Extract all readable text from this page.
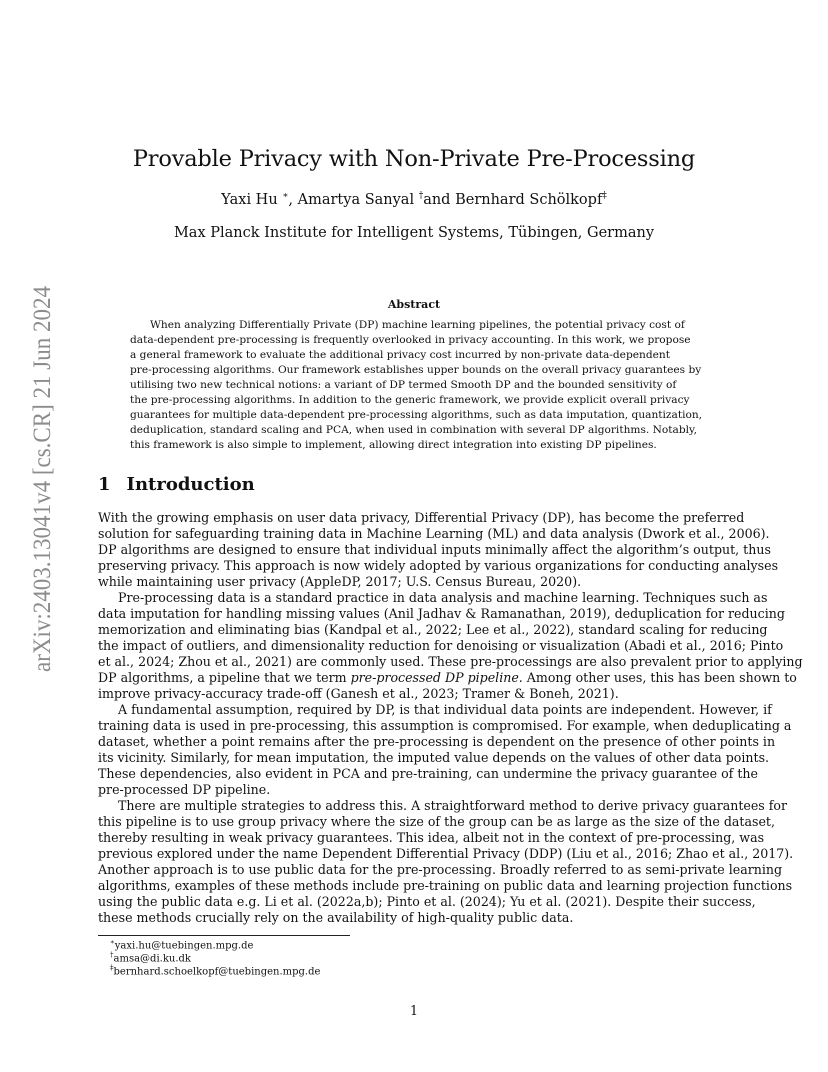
arXiv:2403.13041v4 [cs.CR] 21 Jun 2024
Provable Privacy with Non-Private Pre-Processing
Yaxi Hu ∗, Amartya Sanyal †and Bernhard Schölkopf‡
Max Planck Institute for Intelligent Systems, Tübingen, Germany
Abstract
When analyzing Differentially Private (DP) machine learning pipelines, the potential privacy cost of
data-dependent pre-processing is frequently overlooked in privacy accounting. In this work, we propose
a general framework to evaluate the additional privacy cost incurred by non-private data-dependent
pre-processing algorithms. Our framework establishes upper bounds on the overall privacy guarantees by
utilising two new technical notions: a variant of DP termed Smooth DP and the bounded sensitivity of
the pre-processing algorithms. In addition to the generic framework, we provide explicit overall privacy
guarantees for multiple data-dependent pre-processing algorithms, such as data imputation, quantization,
deduplication, standard scaling and PCA, when used in combination with several DP algorithms. Notably,
this framework is also simple to implement, allowing direct integration into existing DP pipelines.
1 Introduction
With the growing emphasis on user data privacy, Differential Privacy (DP), has become the preferred
solution for safeguarding training data in Machine Learning (ML) and data analysis (Dwork et al., 2006).
DP algorithms are designed to ensure that individual inputs minimally affect the algorithm’s output, thus
preserving privacy. This approach is now widely adopted by various organizations for conducting analyses
while maintaining user privacy (AppleDP, 2017; U.S. Census Bureau, 2020).
Pre-processing data is a standard practice in data analysis and machine learning. Techniques such as
data imputation for handling missing values (Anil Jadhav & Ramanathan, 2019), deduplication for reducing
memorization and eliminating bias (Kandpal et al., 2022; Lee et al., 2022), standard scaling for reducing
the impact of outliers, and dimensionality reduction for denoising or visualization (Abadi et al., 2016; Pinto
et al., 2024; Zhou et al., 2021) are commonly used. These pre-processings are also prevalent prior to applying
DP algorithms, a pipeline that we term pre-processed DP pipeline. Among other uses, this has been shown to
improve privacy-accuracy trade-off (Ganesh et al., 2023; Tramer & Boneh, 2021).
A fundamental assumption, required by DP, is that individual data points are independent. However, if
training data is used in pre-processing, this assumption is compromised. For example, when deduplicating a
dataset, whether a point remains after the pre-processing is dependent on the presence of other points in
its vicinity. Similarly, for mean imputation, the imputed value depends on the values of other data points.
These dependencies, also evident in PCA and pre-training, can undermine the privacy guarantee of the
pre-processed DP pipeline.
There are multiple strategies to address this. A straightforward method to derive privacy guarantees for
this pipeline is to use group privacy where the size of the group can be as large as the size of the dataset,
thereby resulting in weak privacy guarantees. This idea, albeit not in the context of pre-processing, was
previous explored under the name Dependent Differential Privacy (DDP) (Liu et al., 2016; Zhao et al., 2017).
Another approach is to use public data for the pre-processing. Broadly referred to as semi-private learning
algorithms, examples of these methods include pre-training on public data and learning projection functions
using the public data e.g. Li et al. (2022a,b); Pinto et al. (2024); Yu et al. (2021). Despite their success,
these methods crucially rely on the availability of high-quality public data.
∗yaxi.hu@tuebingen.mpg.de
†amsa@di.ku.dk
‡bernhard.schoelkopf@tuebingen.mpg.de
1
